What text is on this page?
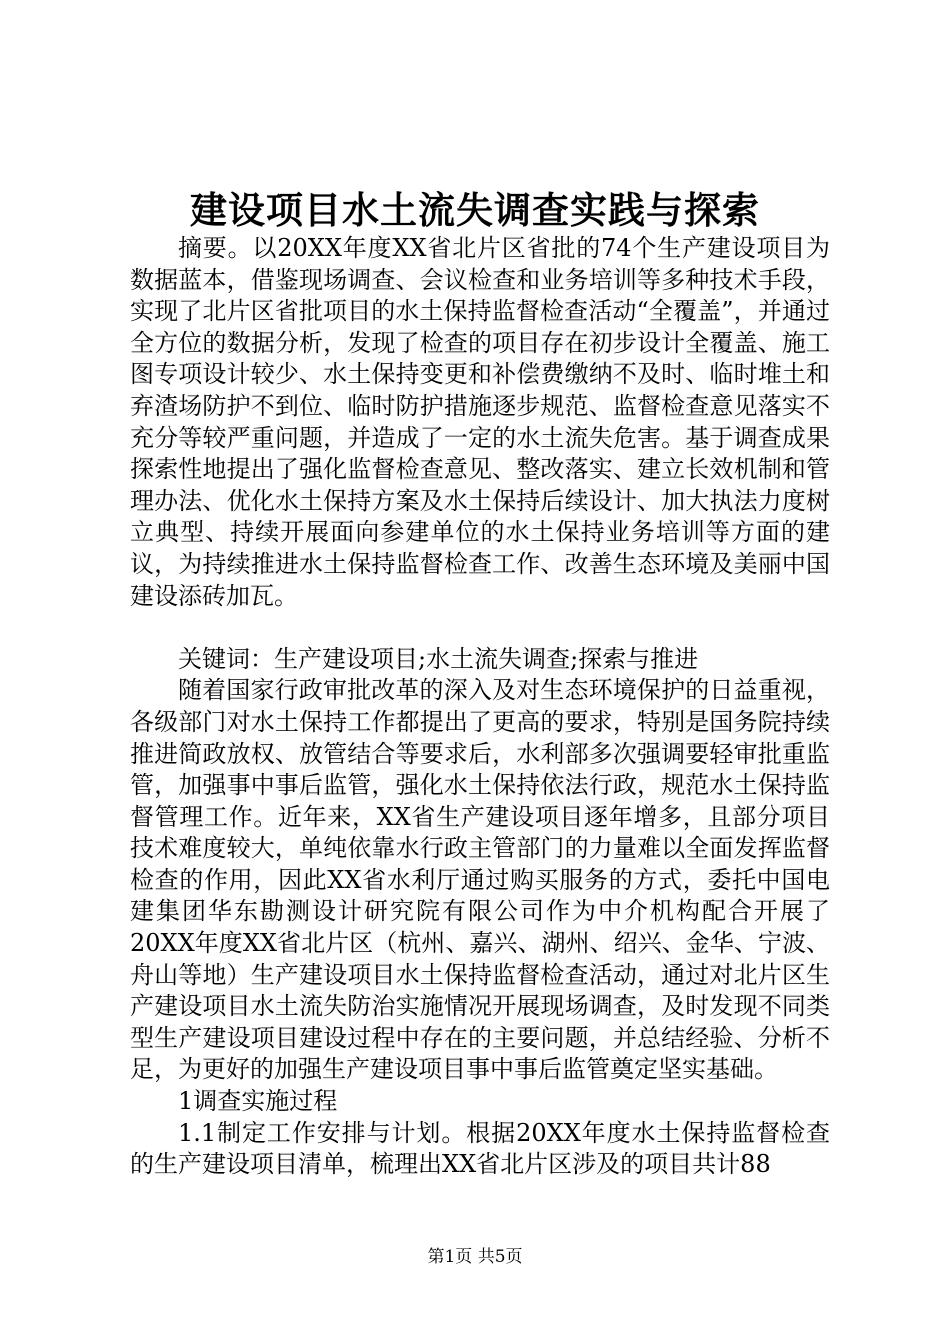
建设项目水土流失调查实践与探索

摘要。以20XX年度XX省北片区省批的74个生产建设项目为数据蓝本，借鉴现场调查、会议检查和业务培训等多种技术手段，实现了北片区省批项目的水土保持监督检查活动“全覆盖”，并通过全方位的数据分析，发现了检查的项目存在初步设计全覆盖、施工图专项设计较少、水土保持变更和补偿费缴纳不及时、临时堆土和弃渣场防护不到位、临时防护措施逐步规范、监督检查意见落实不充分等较严重问题，并造成了一定的水土流失危害。基于调查成果探索性地提出了强化监督检查意见、整改落实、建立长效机制和管理办法、优化水土保持方案及水土保持后续设计、加大执法力度树立典型、持续开展面向参建单位的水土保持业务培训等方面的建议，为持续推进水土保持监督检查工作、改善生态环境及美丽中国建设添砖加瓦。

关键词：生产建设项目;水土流失调查;探索与推进

随着国家行政审批改革的深入及对生态环境保护的日益重视，各级部门对水土保持工作都提出了更高的要求，特别是国务院持续推进简政放权、放管结合等要求后，水利部多次强调要轻审批重监管，加强事中事后监管，强化水土保持依法行政，规范水土保持监督管理工作。近年来，XX省生产建设项目逐年增多，且部分项目技术难度较大，单纯依靠水行政主管部门的力量难以全面发挥监督检查的作用，因此XX省水利厅通过购买服务的方式，委托中国电建集团华东勘测设计研究院有限公司作为中介机构配合开展了20XX年度XX省北片区（杭州、嘉兴、湖州、绍兴、金华、宁波、舟山等地）生产建设项目水土保持监督检查活动，通过对北片区生产建设项目水土流失防治实施情况开展现场调查，及时发现不同类型生产建设项目建设过程中存在的主要问题，并总结经验、分析不足，为更好的加强生产建设项目事中事后监管奠定坚实基础。

1调查实施过程

1.1制定工作安排与计划。根据20XX年度水土保持监督检查的生产建设项目清单，梳理出XX省北片区涉及的项目共计88

第1页 共5页
